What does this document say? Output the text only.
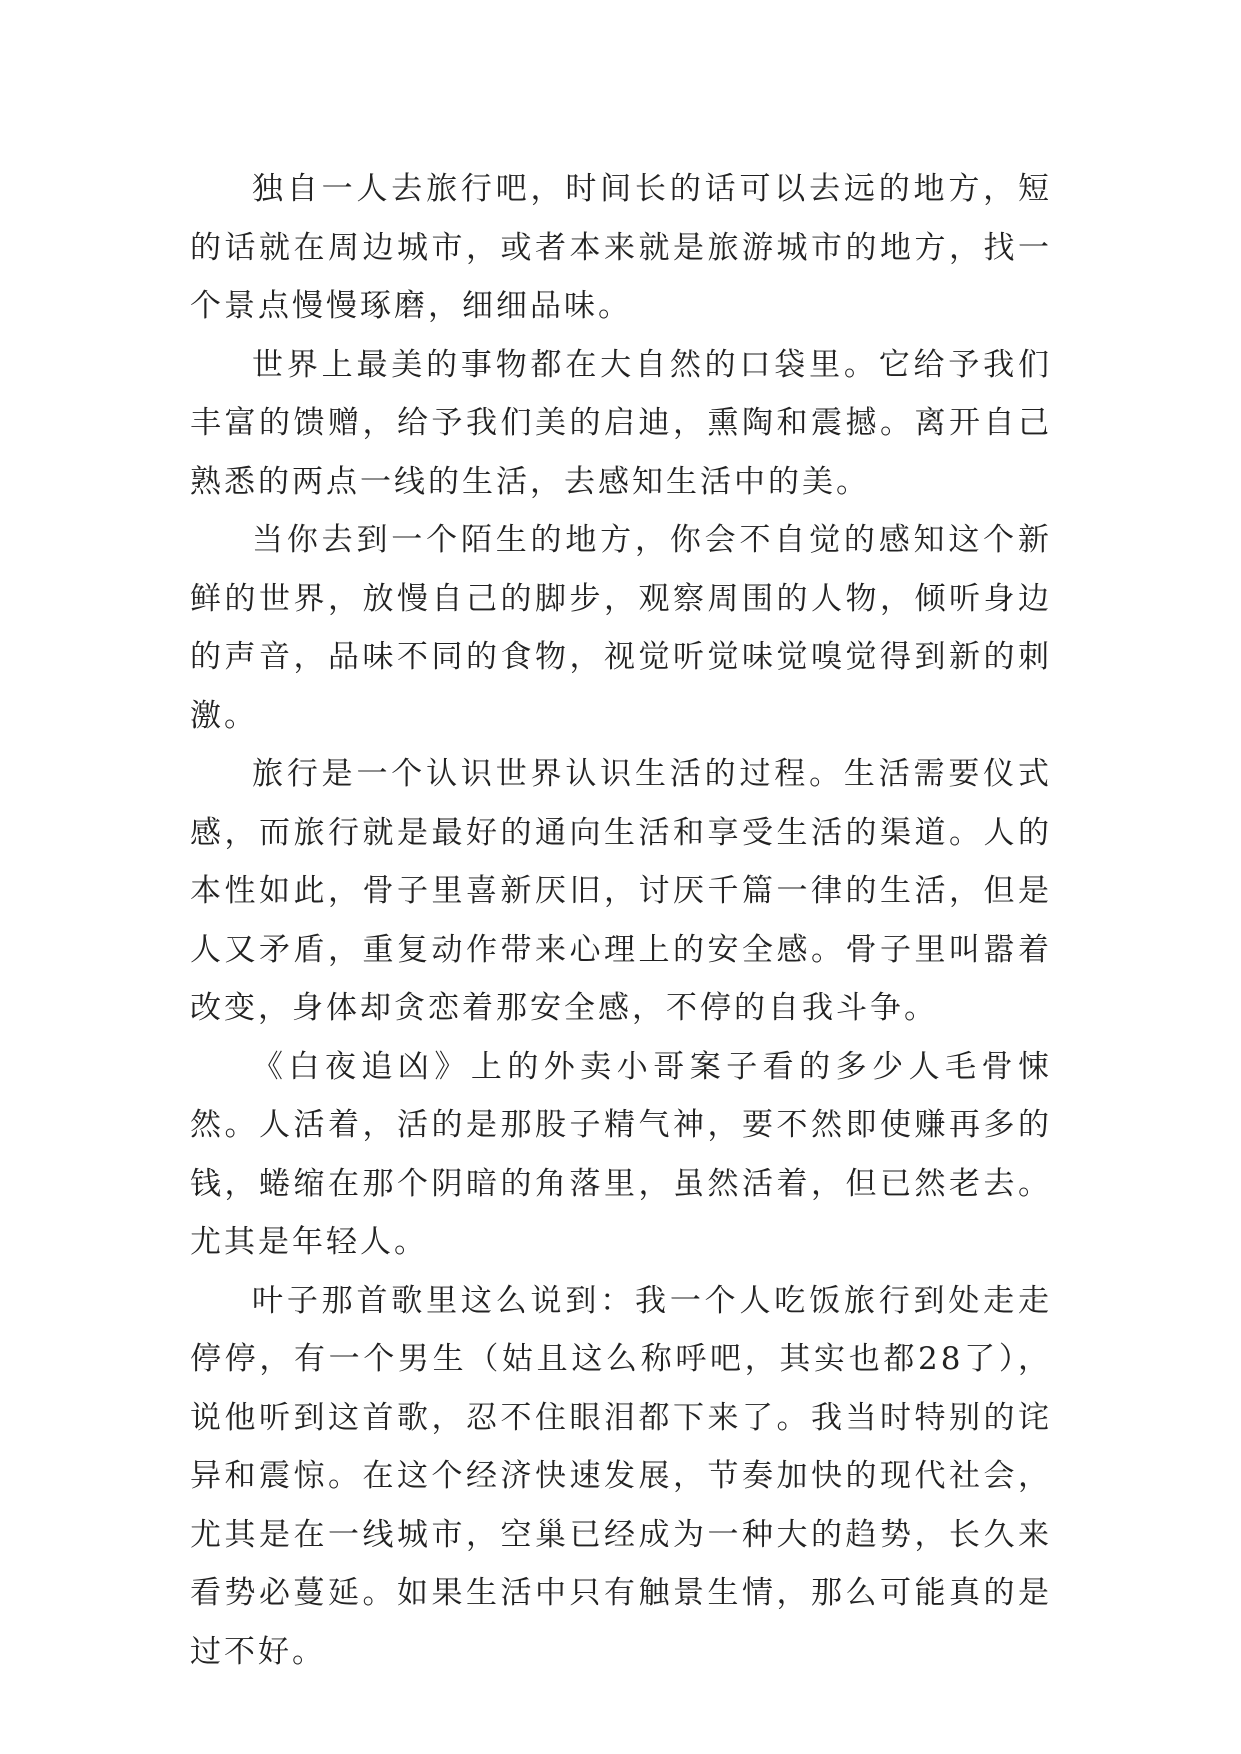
独自一人去旅行吧，时间长的话可以去远的地方，短的话就在周边城市，或者本来就是旅游城市的地方，找一个景点慢慢琢磨，细细品味。

世界上最美的事物都在大自然的口袋里。它给予我们丰富的馈赠，给予我们美的启迪，熏陶和震撼。离开自己熟悉的两点一线的生活，去感知生活中的美。

当你去到一个陌生的地方，你会不自觉的感知这个新鲜的世界，放慢自己的脚步，观察周围的人物，倾听身边的声音，品味不同的食物，视觉听觉味觉嗅觉得到新的刺激。

旅行是一个认识世界认识生活的过程。生活需要仪式感，而旅行就是最好的通向生活和享受生活的渠道。人的本性如此，骨子里喜新厌旧，讨厌千篇一律的生活，但是人又矛盾，重复动作带来心理上的安全感。骨子里叫嚣着改变，身体却贪恋着那安全感，不停的自我斗争。

《白夜追凶》上的外卖小哥案子看的多少人毛骨悚然。人活着，活的是那股子精气神，要不然即使赚再多的钱，蜷缩在那个阴暗的角落里，虽然活着，但已然老去。尤其是年轻人。

叶子那首歌里这么说到：我一个人吃饭旅行到处走走停停，有一个男生（姑且这么称呼吧，其实也都28了），说他听到这首歌，忍不住眼泪都下来了。我当时特别的诧异和震惊。在这个经济快速发展，节奏加快的现代社会，尤其是在一线城市，空巢已经成为一种大的趋势，长久来看势必蔓延。如果生活中只有触景生情，那么可能真的是过不好。
